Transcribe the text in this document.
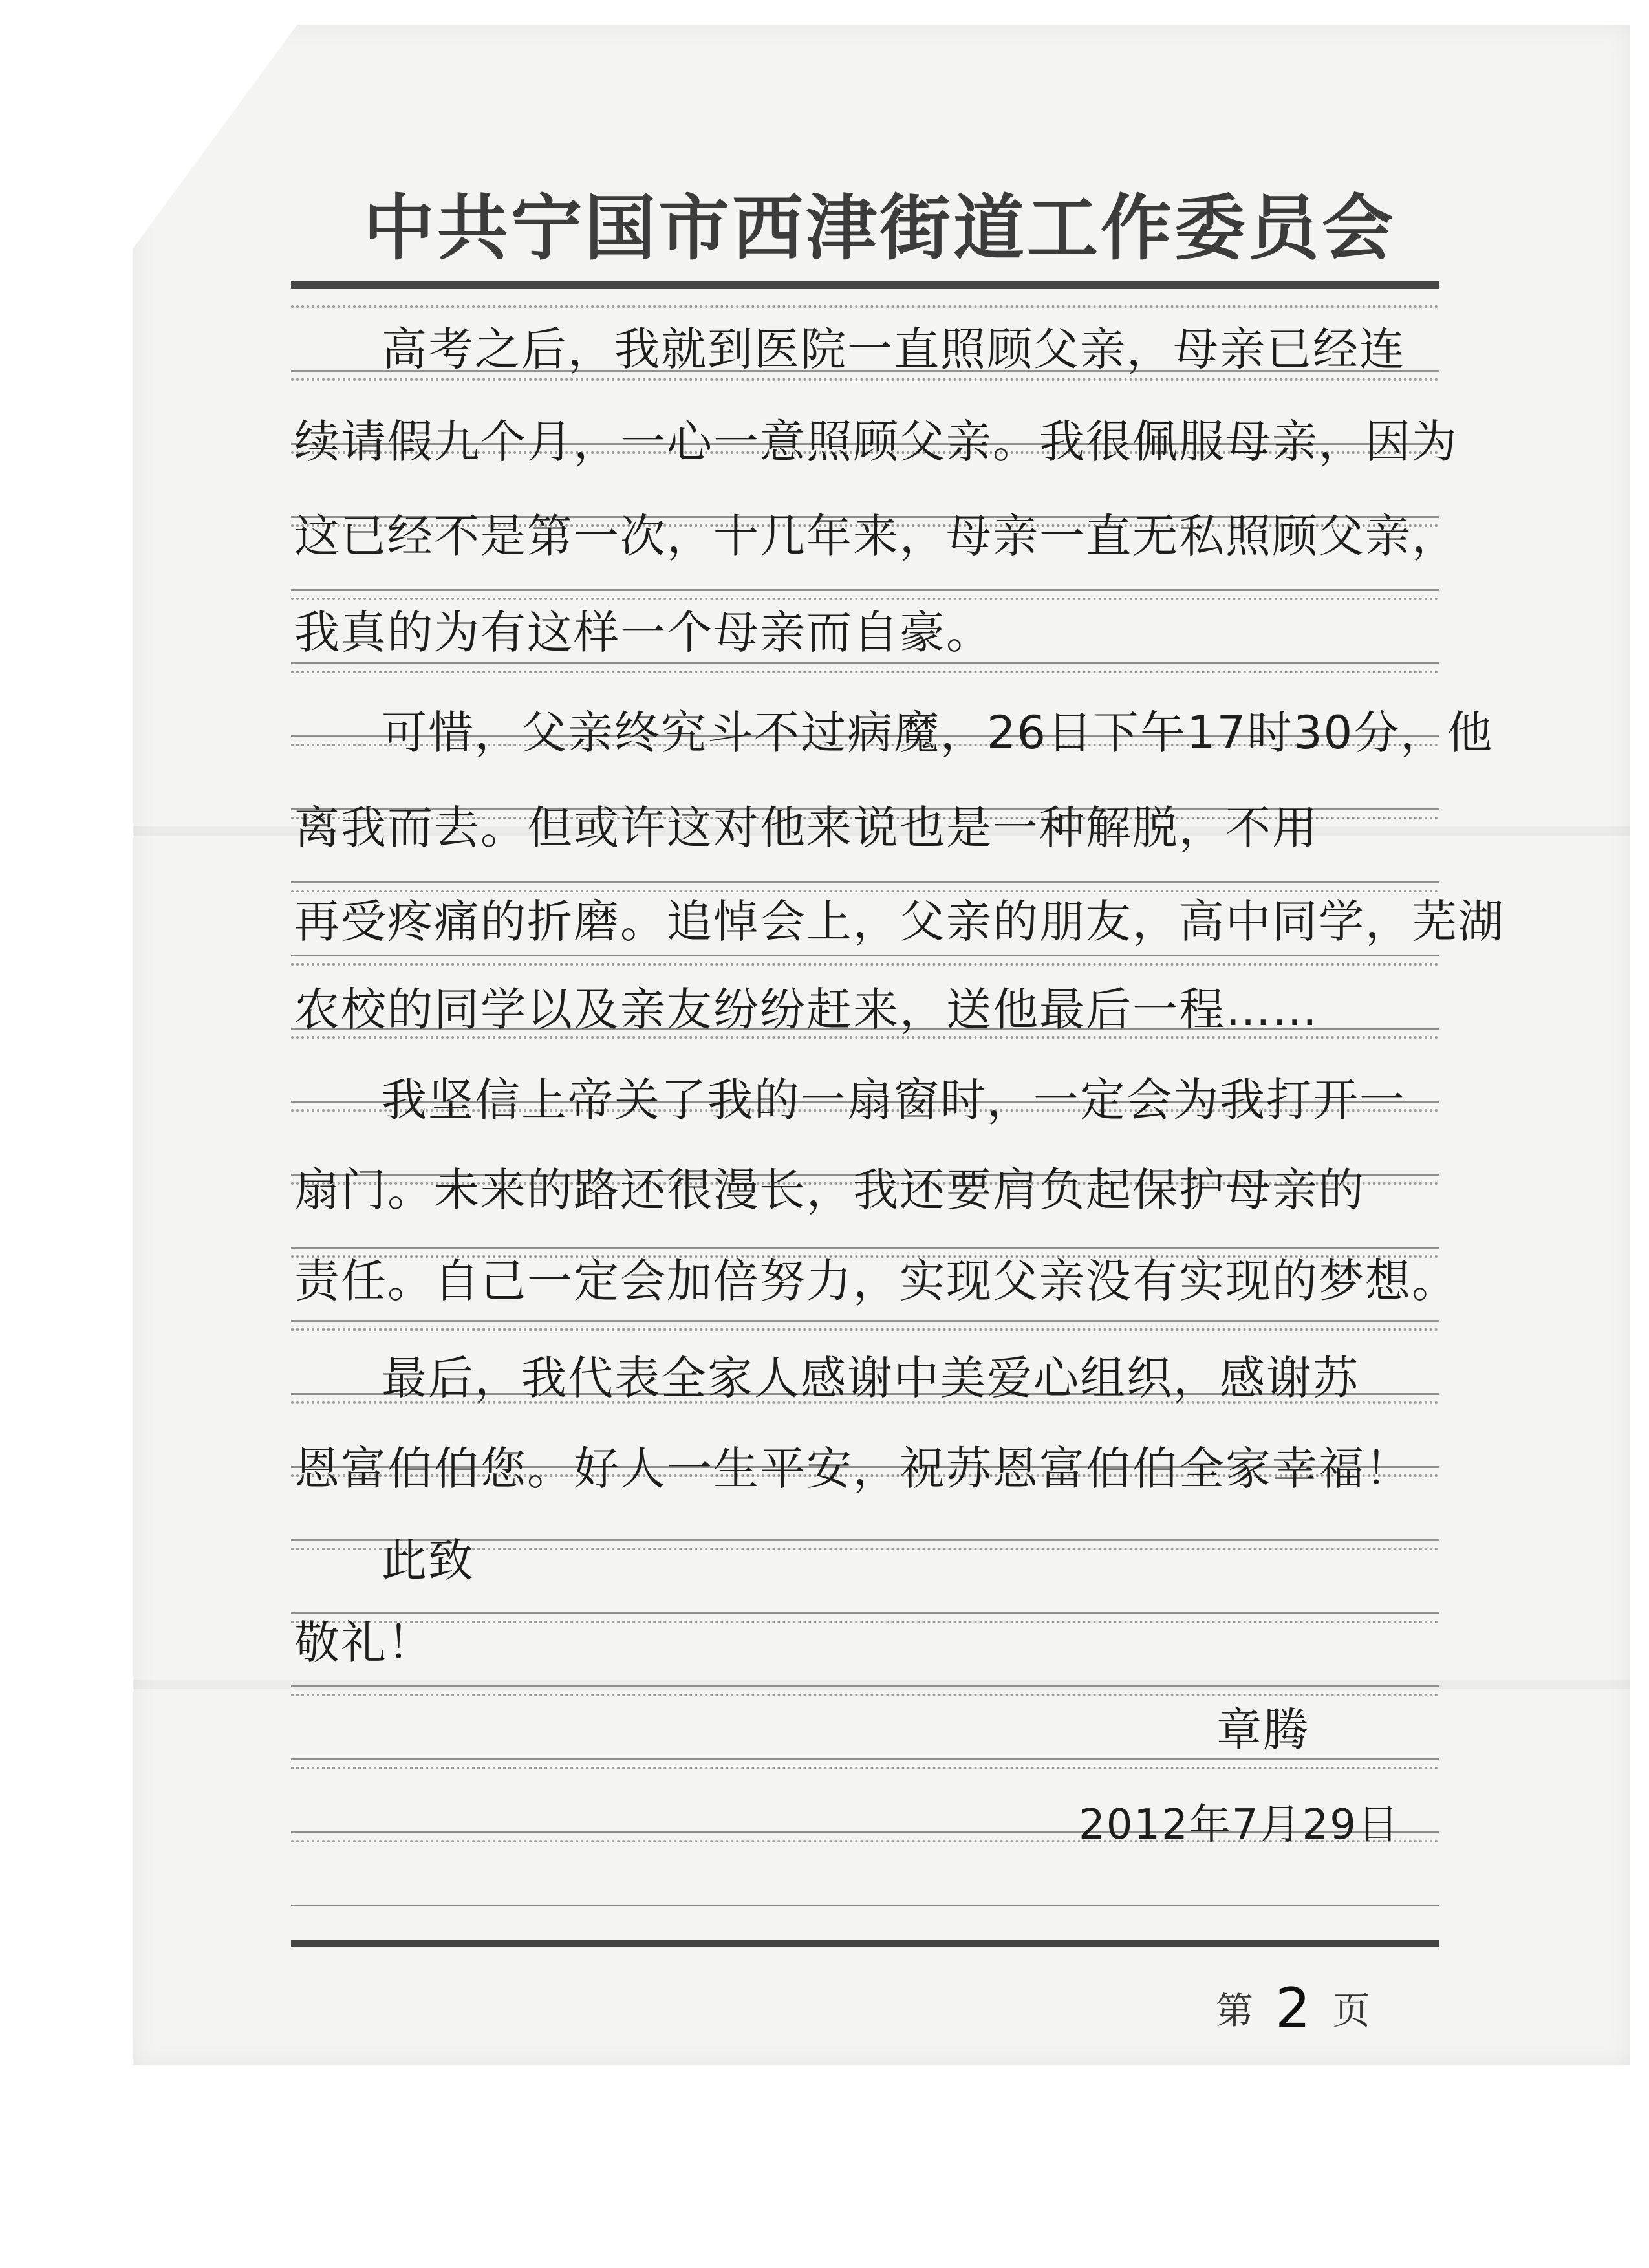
中共宁国市西津街道工作委员会
高考之后，我就到医院一直照顾父亲，母亲已经连
续请假九个月，一心一意照顾父亲。我很佩服母亲，因为
这已经不是第一次，十几年来，母亲一直无私照顾父亲，
我真的为有这样一个母亲而自豪。
可惜，父亲终究斗不过病魔，26日下午17时30分，他
离我而去。但或许这对他来说也是一种解脱，不用
再受疼痛的折磨。追悼会上，父亲的朋友，高中同学，芜湖
农校的同学以及亲友纷纷赶来，送他最后一程……
我坚信上帝关了我的一扇窗时，一定会为我打开一
扇门。未来的路还很漫长，我还要肩负起保护母亲的
责任。自己一定会加倍努力，实现父亲没有实现的梦想。
最后，我代表全家人感谢中美爱心组织，感谢苏
恩富伯伯您。好人一生平安，祝苏恩富伯伯全家幸福！
此致
敬礼！
章腾
2012年7月29日
第 2 页
